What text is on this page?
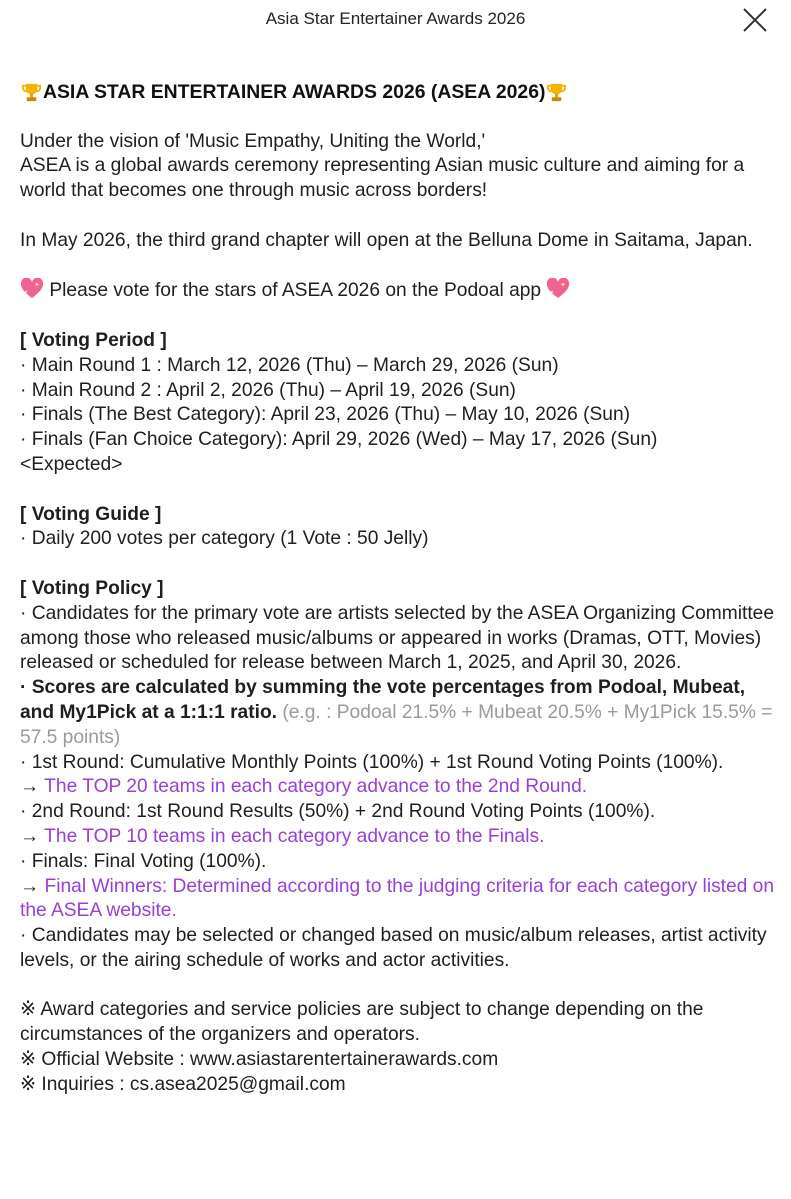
Asia Star Entertainer Awards 2026

ASIA STAR ENTERTAINER AWARDS 2026 (ASEA 2026)

Under the vision of 'Music Empathy, Uniting the World,'

ASEA is a global awards ceremony representing Asian music culture and aiming for a world that becomes one through music across borders!

In May 2026, the third grand chapter will open at the Belluna Dome in Saitama, Japan.

Please vote for the stars of ASEA 2026 on the Podoal app

[ Voting Period ]

· Main Round 1 : March 12, 2026 (Thu) – March 29, 2026 (Sun)

· Main Round 2 : April 2, 2026 (Thu) – April 19, 2026 (Sun)

· Finals (The Best Category): April 23, 2026 (Thu) – May 10, 2026 (Sun)

· Finals (Fan Choice Category): April 29, 2026 (Wed) – May 17, 2026 (Sun)

<Expected>

[ Voting Guide ]

· Daily 200 votes per category (1 Vote : 50 Jelly)

[ Voting Policy ]

· Candidates for the primary vote are artists selected by the ASEA Organizing Committee among those who released music/albums or appeared in works (Dramas, OTT, Movies) released or scheduled for release between March 1, 2025, and April 30, 2026.

· Scores are calculated by summing the vote percentages from Podoal, Mubeat, and My1Pick at a 1:1:1 ratio. (e.g. : Podoal 21.5% + Mubeat 20.5% + My1Pick 15.5% = 57.5 points)

· 1st Round: Cumulative Monthly Points (100%) + 1st Round Voting Points (100%).

→ The TOP 20 teams in each category advance to the 2nd Round.

· 2nd Round: 1st Round Results (50%) + 2nd Round Voting Points (100%).

→ The TOP 10 teams in each category advance to the Finals.

· Finals: Final Voting (100%).

→ Final Winners: Determined according to the judging criteria for each category listed on the ASEA website.

· Candidates may be selected or changed based on music/album releases, artist activity levels, or the airing schedule of works and actor activities.

※ Award categories and service policies are subject to change depending on the circumstances of the organizers and operators.

※ Official Website : www.asiastarentertainerawards.com

※ Inquiries : cs.asea2025@gmail.com
